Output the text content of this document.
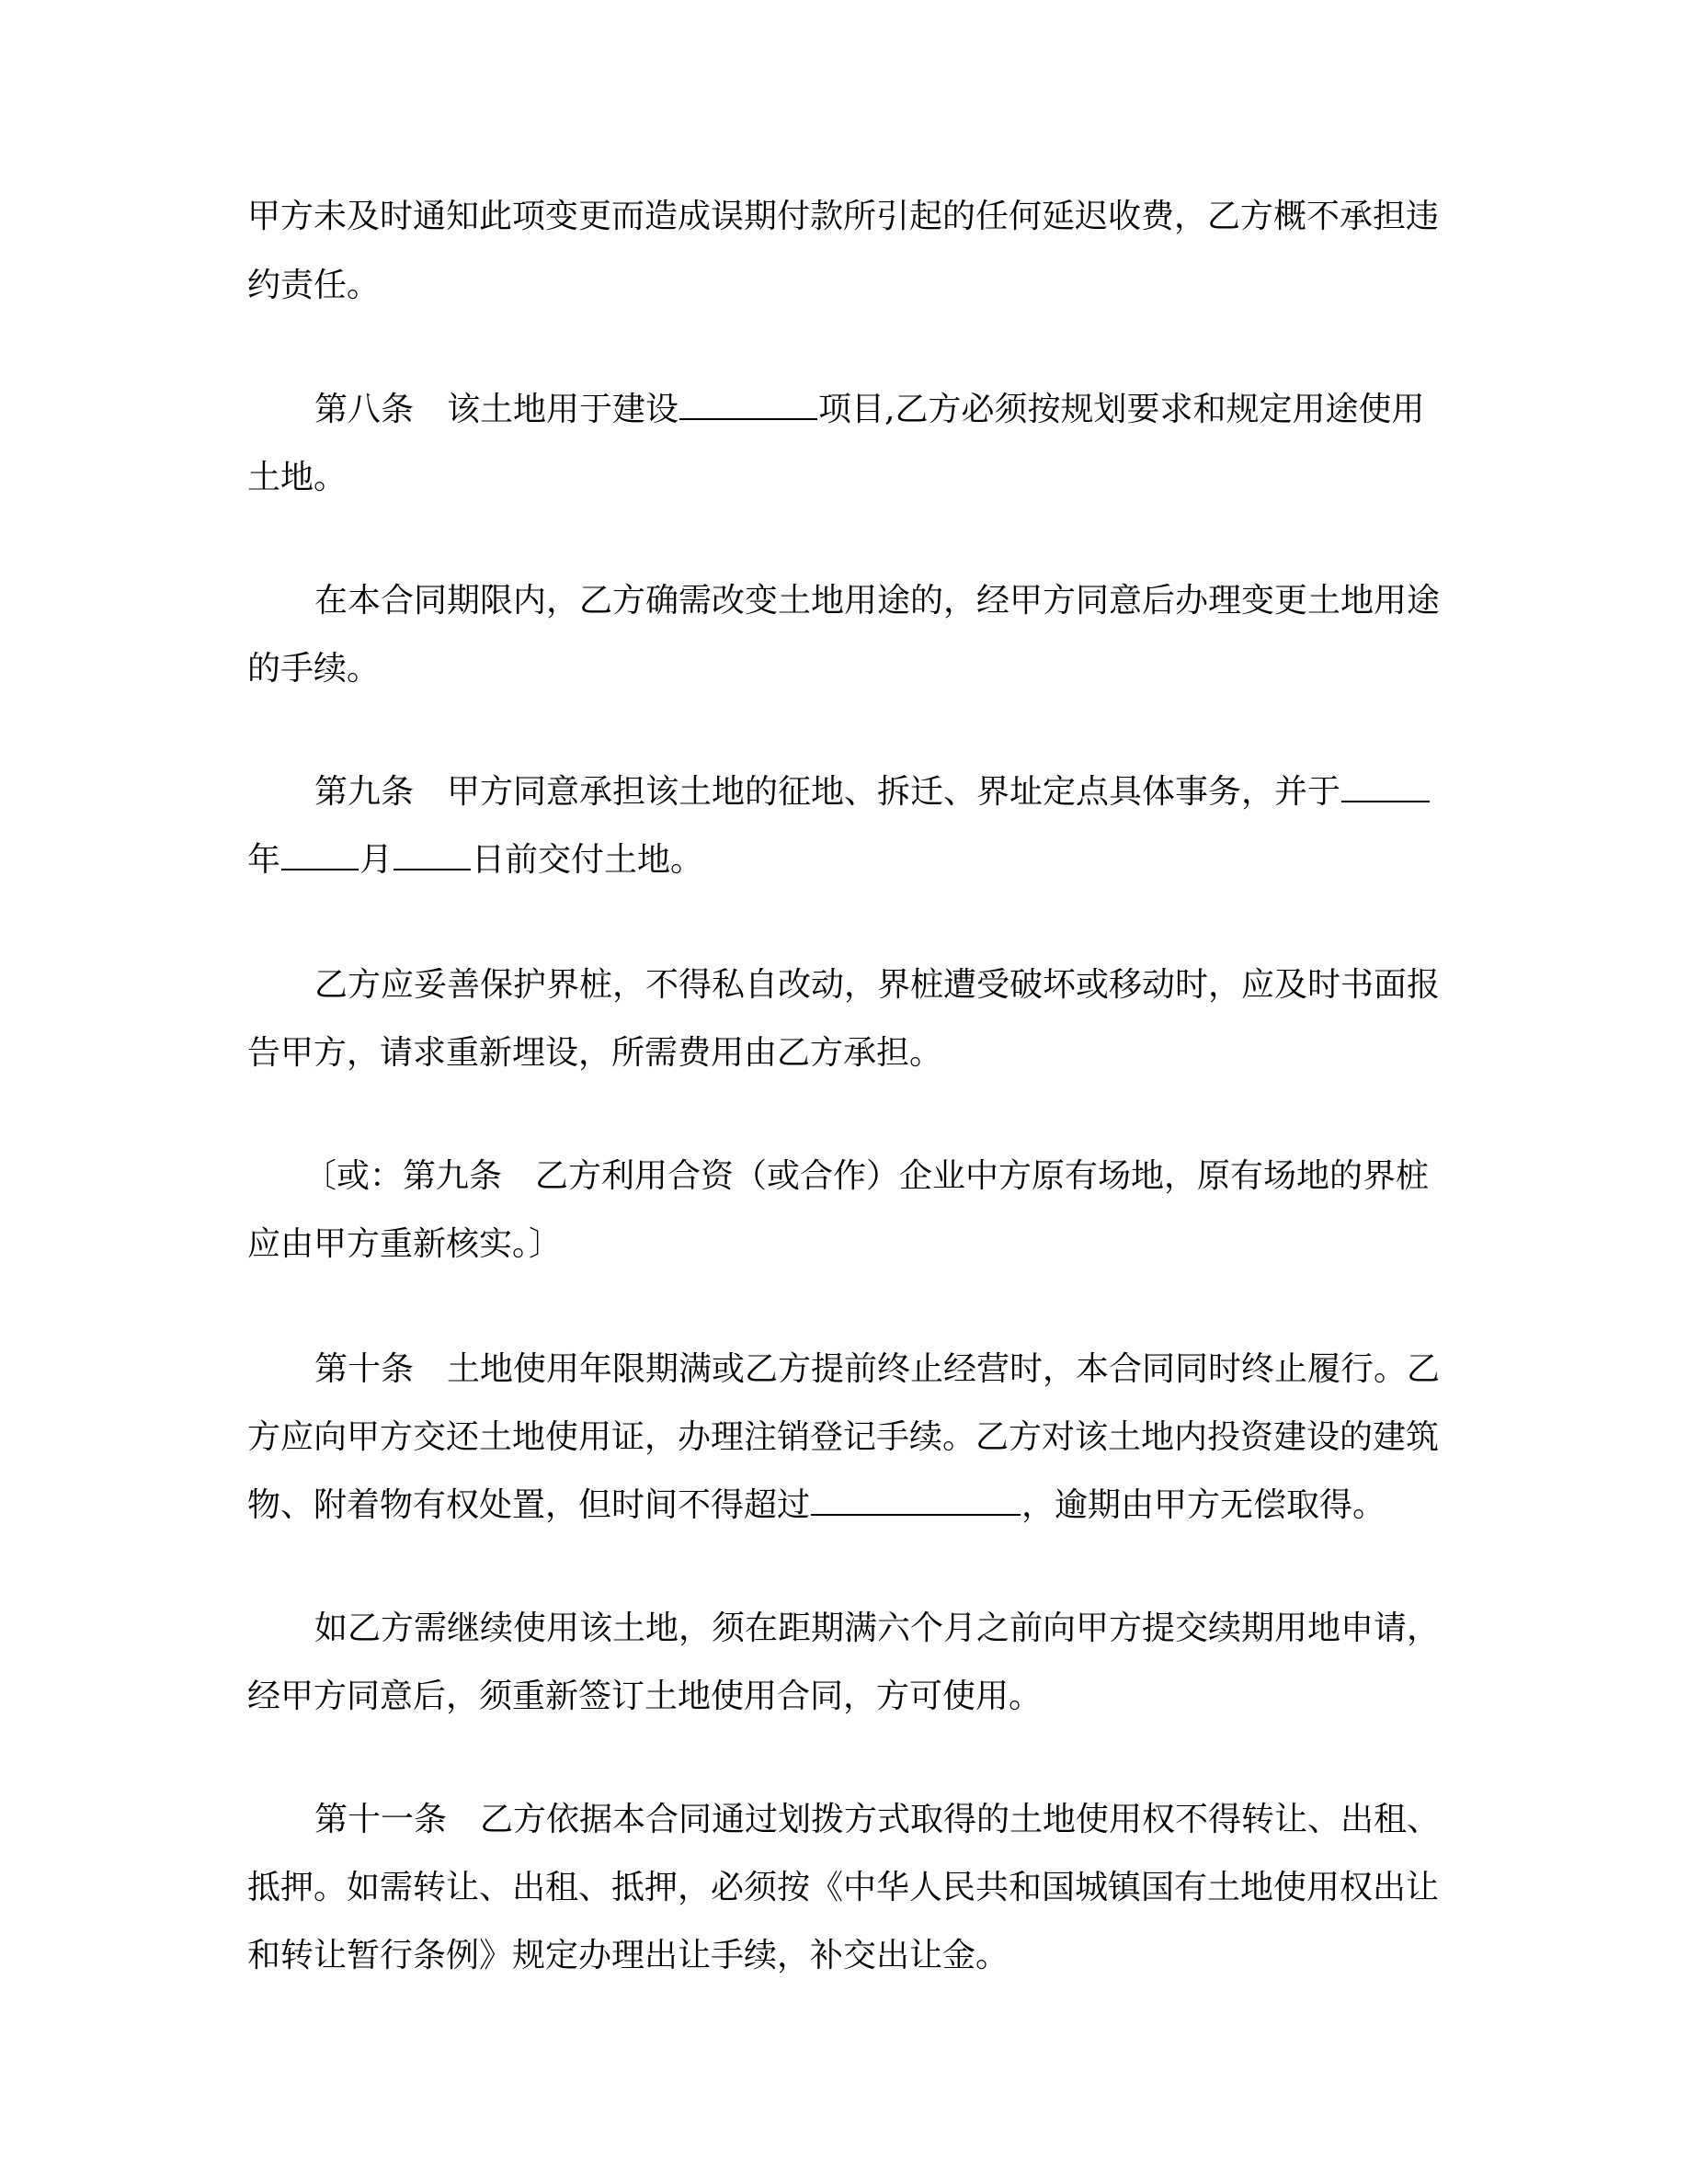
甲方未及时通知此项变更而造成误期付款所引起的任何延迟收费，乙方概不承担违
约责任。
第八条 该土地用于建设	项目,乙方必须按规划要求和规定用途使用
土地。
在本合同期限内，乙方确需改变土地用途的，经甲方同意后办理变更土地用途
的手续。
第九条 甲方同意承担该土地的征地、拆迁、界址定点具体事务，并于
年 月 日前交付土地。
乙方应妥善保护界桩，不得私自改动，界桩遭受破坏或移动时，应及时书面报
告甲方，请求重新埋设，所需费用由乙方承担。
〔或：第九条 乙方利用合资（或合作）企业中方原有场地，原有场地的界桩
应由甲方重新核实。〕
第十条 土地使用年限期满或乙方提前终止经营时，本合同同时终止履行。乙
方应向甲方交还土地使用证，办理注销登记手续。乙方对该土地内投资建设的建筑
物、附着物有权处置，但时间不得超过	，逾期由甲方无偿取得。
如乙方需继续使用该土地，须在距期满六个月之前向甲方提交续期用地申请，
经甲方同意后，须重新签订土地使用合同，方可使用。
第十一条 乙方依据本合同通过划拨方式取得的土地使用权不得转让、出租、
抵押。如需转让、出租、抵押，必须按《中华人民共和国城镇国有土地使用权出让
和转让暂行条例》规定办理出让手续，补交出让金。
